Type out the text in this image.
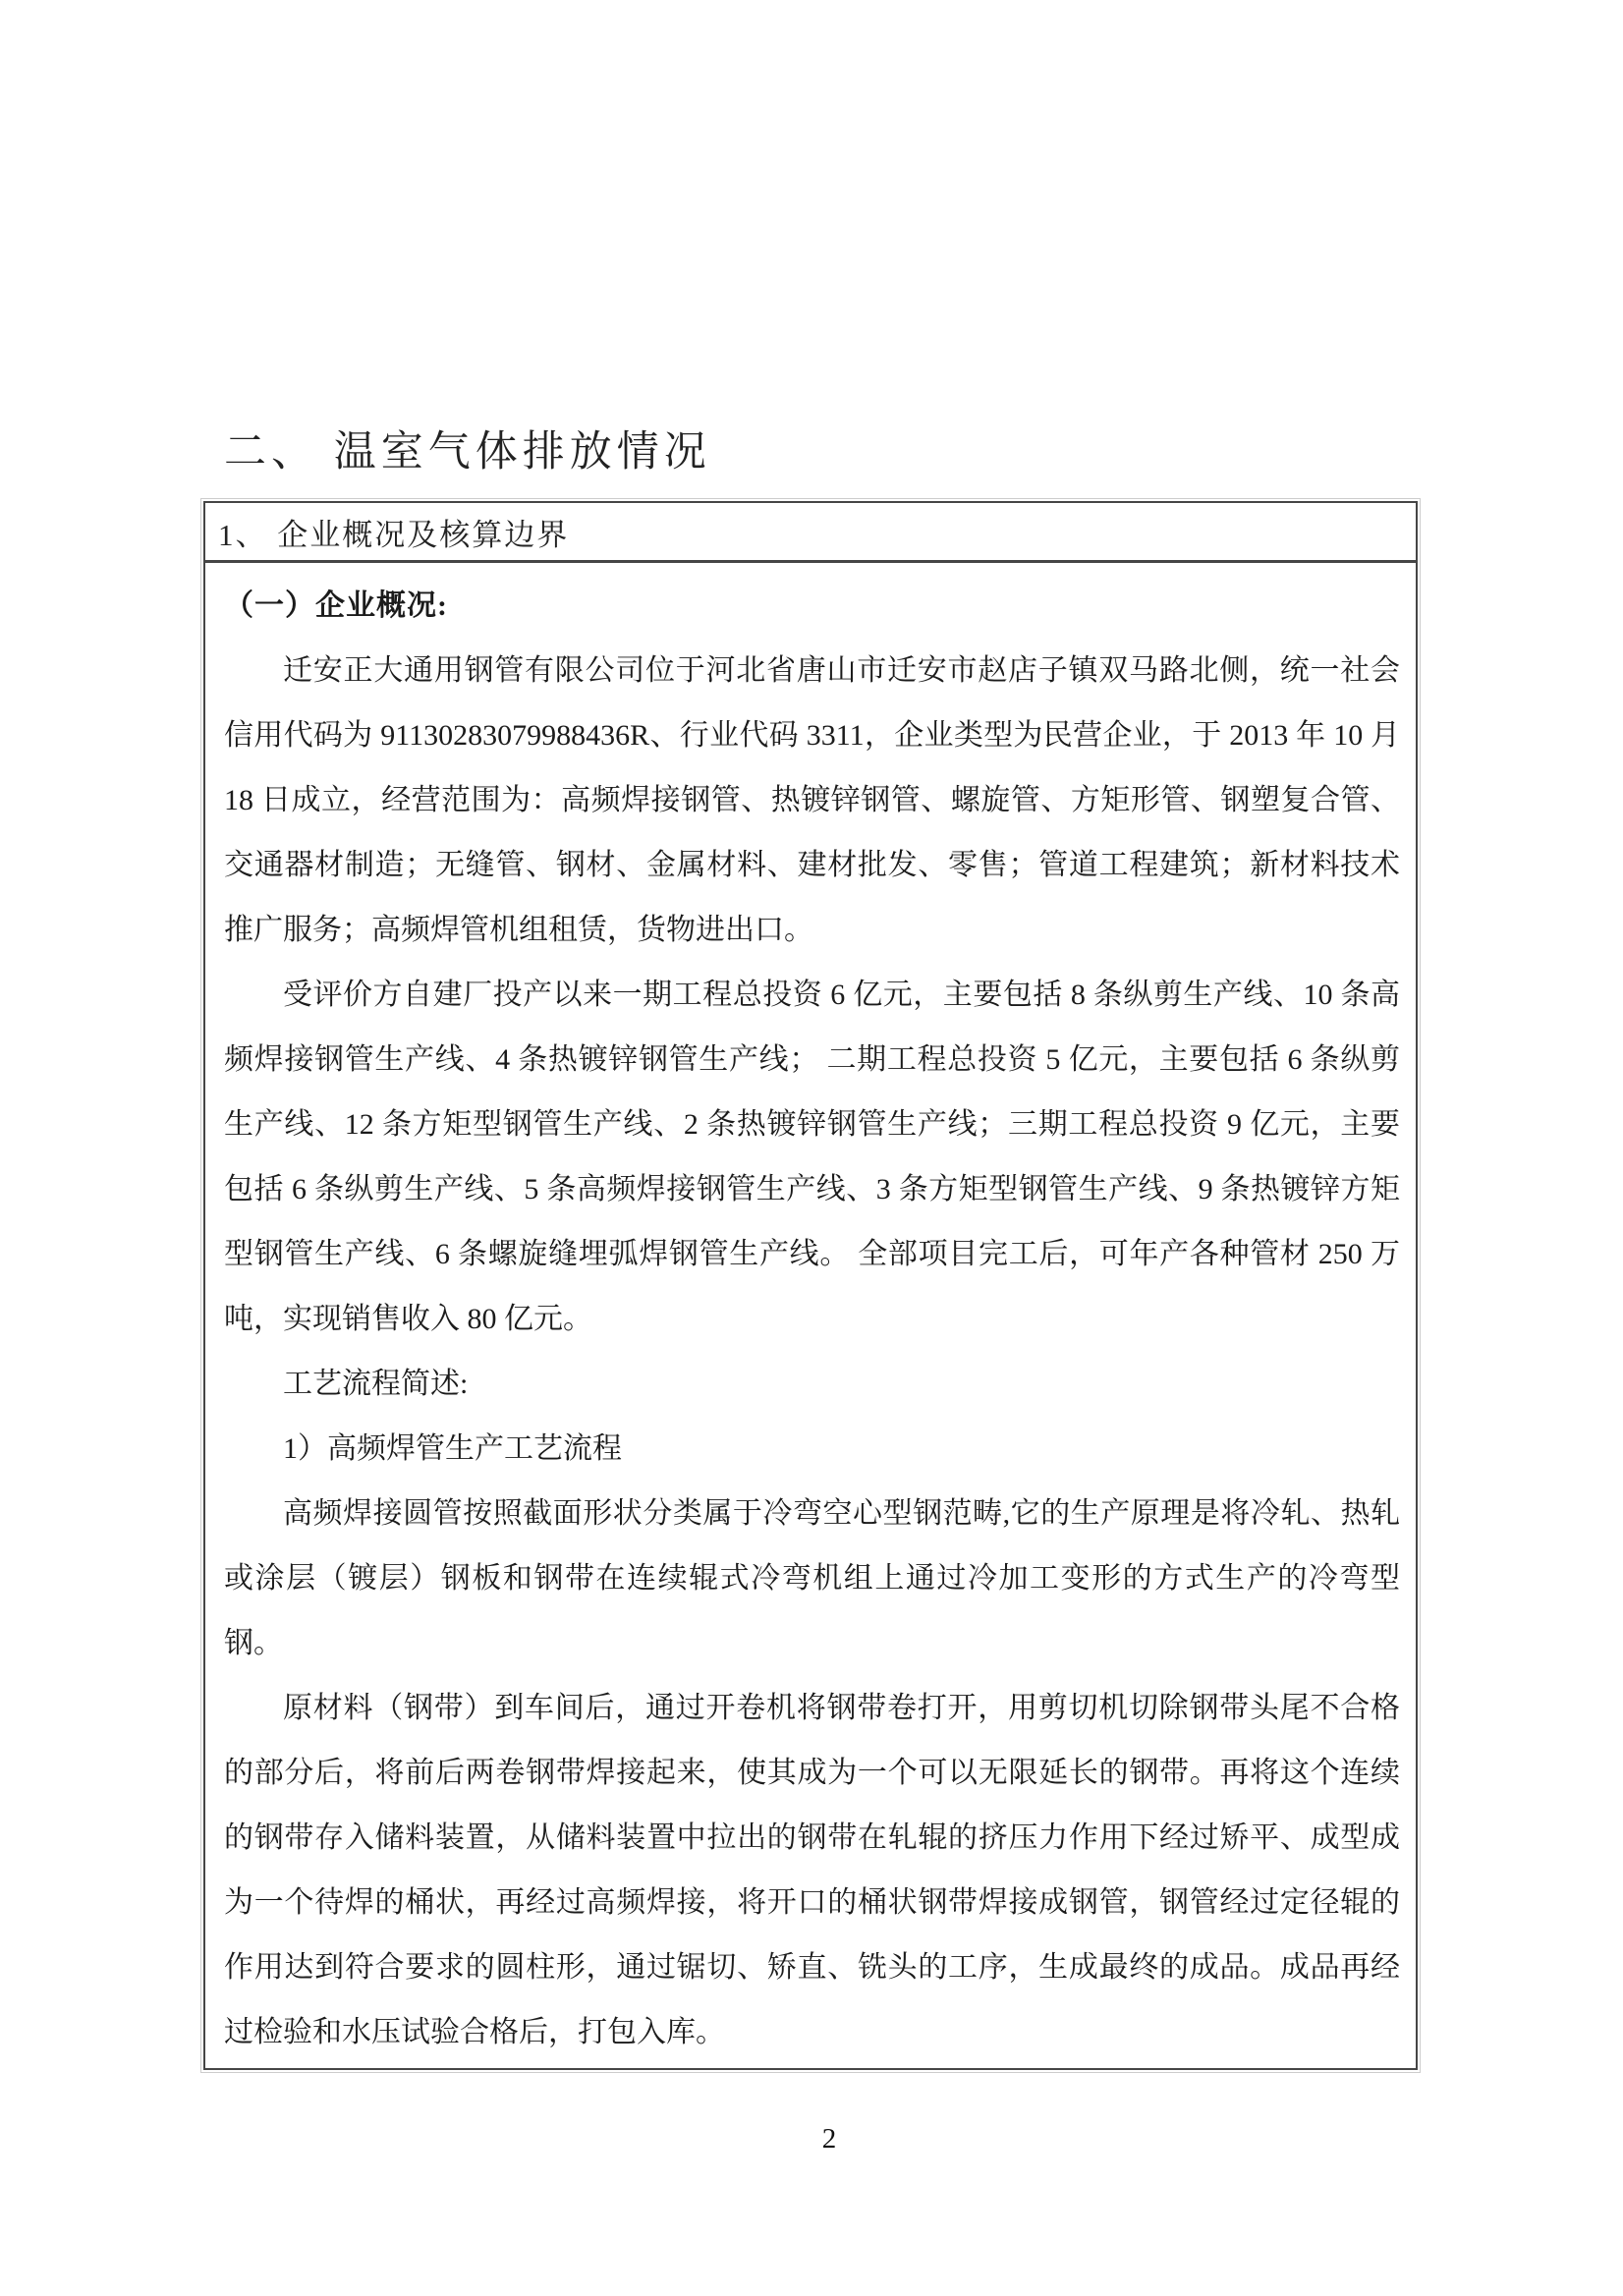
二、 温室气体排放情况
1、 企业概况及核算边界

（一）企业概况:

迁安正大通用钢管有限公司位于河北省唐山市迁安市赵店子镇双马路北侧，统一社会信用代码为 91130283079988436R、行业代码 3311，企业类型为民营企业，于 2013 年 10 月 18 日成立，经营范围为：高频焊接钢管、热镀锌钢管、螺旋管、方矩形管、钢塑复合管、交通器材制造；无缝管、钢材、金属材料、建材批发、零售；管道工程建筑；新材料技术推广服务；高频焊管机组租赁，货物进出口。

受评价方自建厂投产以来一期工程总投资 6 亿元，主要包括 8 条纵剪生产线、10 条高频焊接钢管生产线、4 条热镀锌钢管生产线； 二期工程总投资 5 亿元，主要包括 6 条纵剪生产线、12 条方矩型钢管生产线、2 条热镀锌钢管生产线；三期工程总投资 9 亿元，主要包括 6 条纵剪生产线、5 条高频焊接钢管生产线、3 条方矩型钢管生产线、9 条热镀锌方矩型钢管生产线、6 条螺旋缝埋弧焊钢管生产线。 全部项目完工后，可年产各种管材 250 万吨，实现销售收入 80 亿元。

工艺流程简述:

1）高频焊管生产工艺流程

高频焊接圆管按照截面形状分类属于冷弯空心型钢范畴,它的生产原理是将冷轧、热轧或涂层（镀层）钢板和钢带在连续辊式冷弯机组上通过冷加工变形的方式生产的冷弯型钢。

原材料（钢带）到车间后，通过开卷机将钢带卷打开，用剪切机切除钢带头尾不合格的部分后，将前后两卷钢带焊接起来，使其成为一个可以无限延长的钢带。再将这个连续的钢带存入储料装置，从储料装置中拉出的钢带在轧辊的挤压力作用下经过矫平、成型成为一个待焊的桶状，再经过高频焊接，将开口的桶状钢带焊接成钢管，钢管经过定径辊的作用达到符合要求的圆柱形，通过锯切、矫直、铣头的工序，生成最终的成品。成品再经过检验和水压试验合格后，打包入库。

2
